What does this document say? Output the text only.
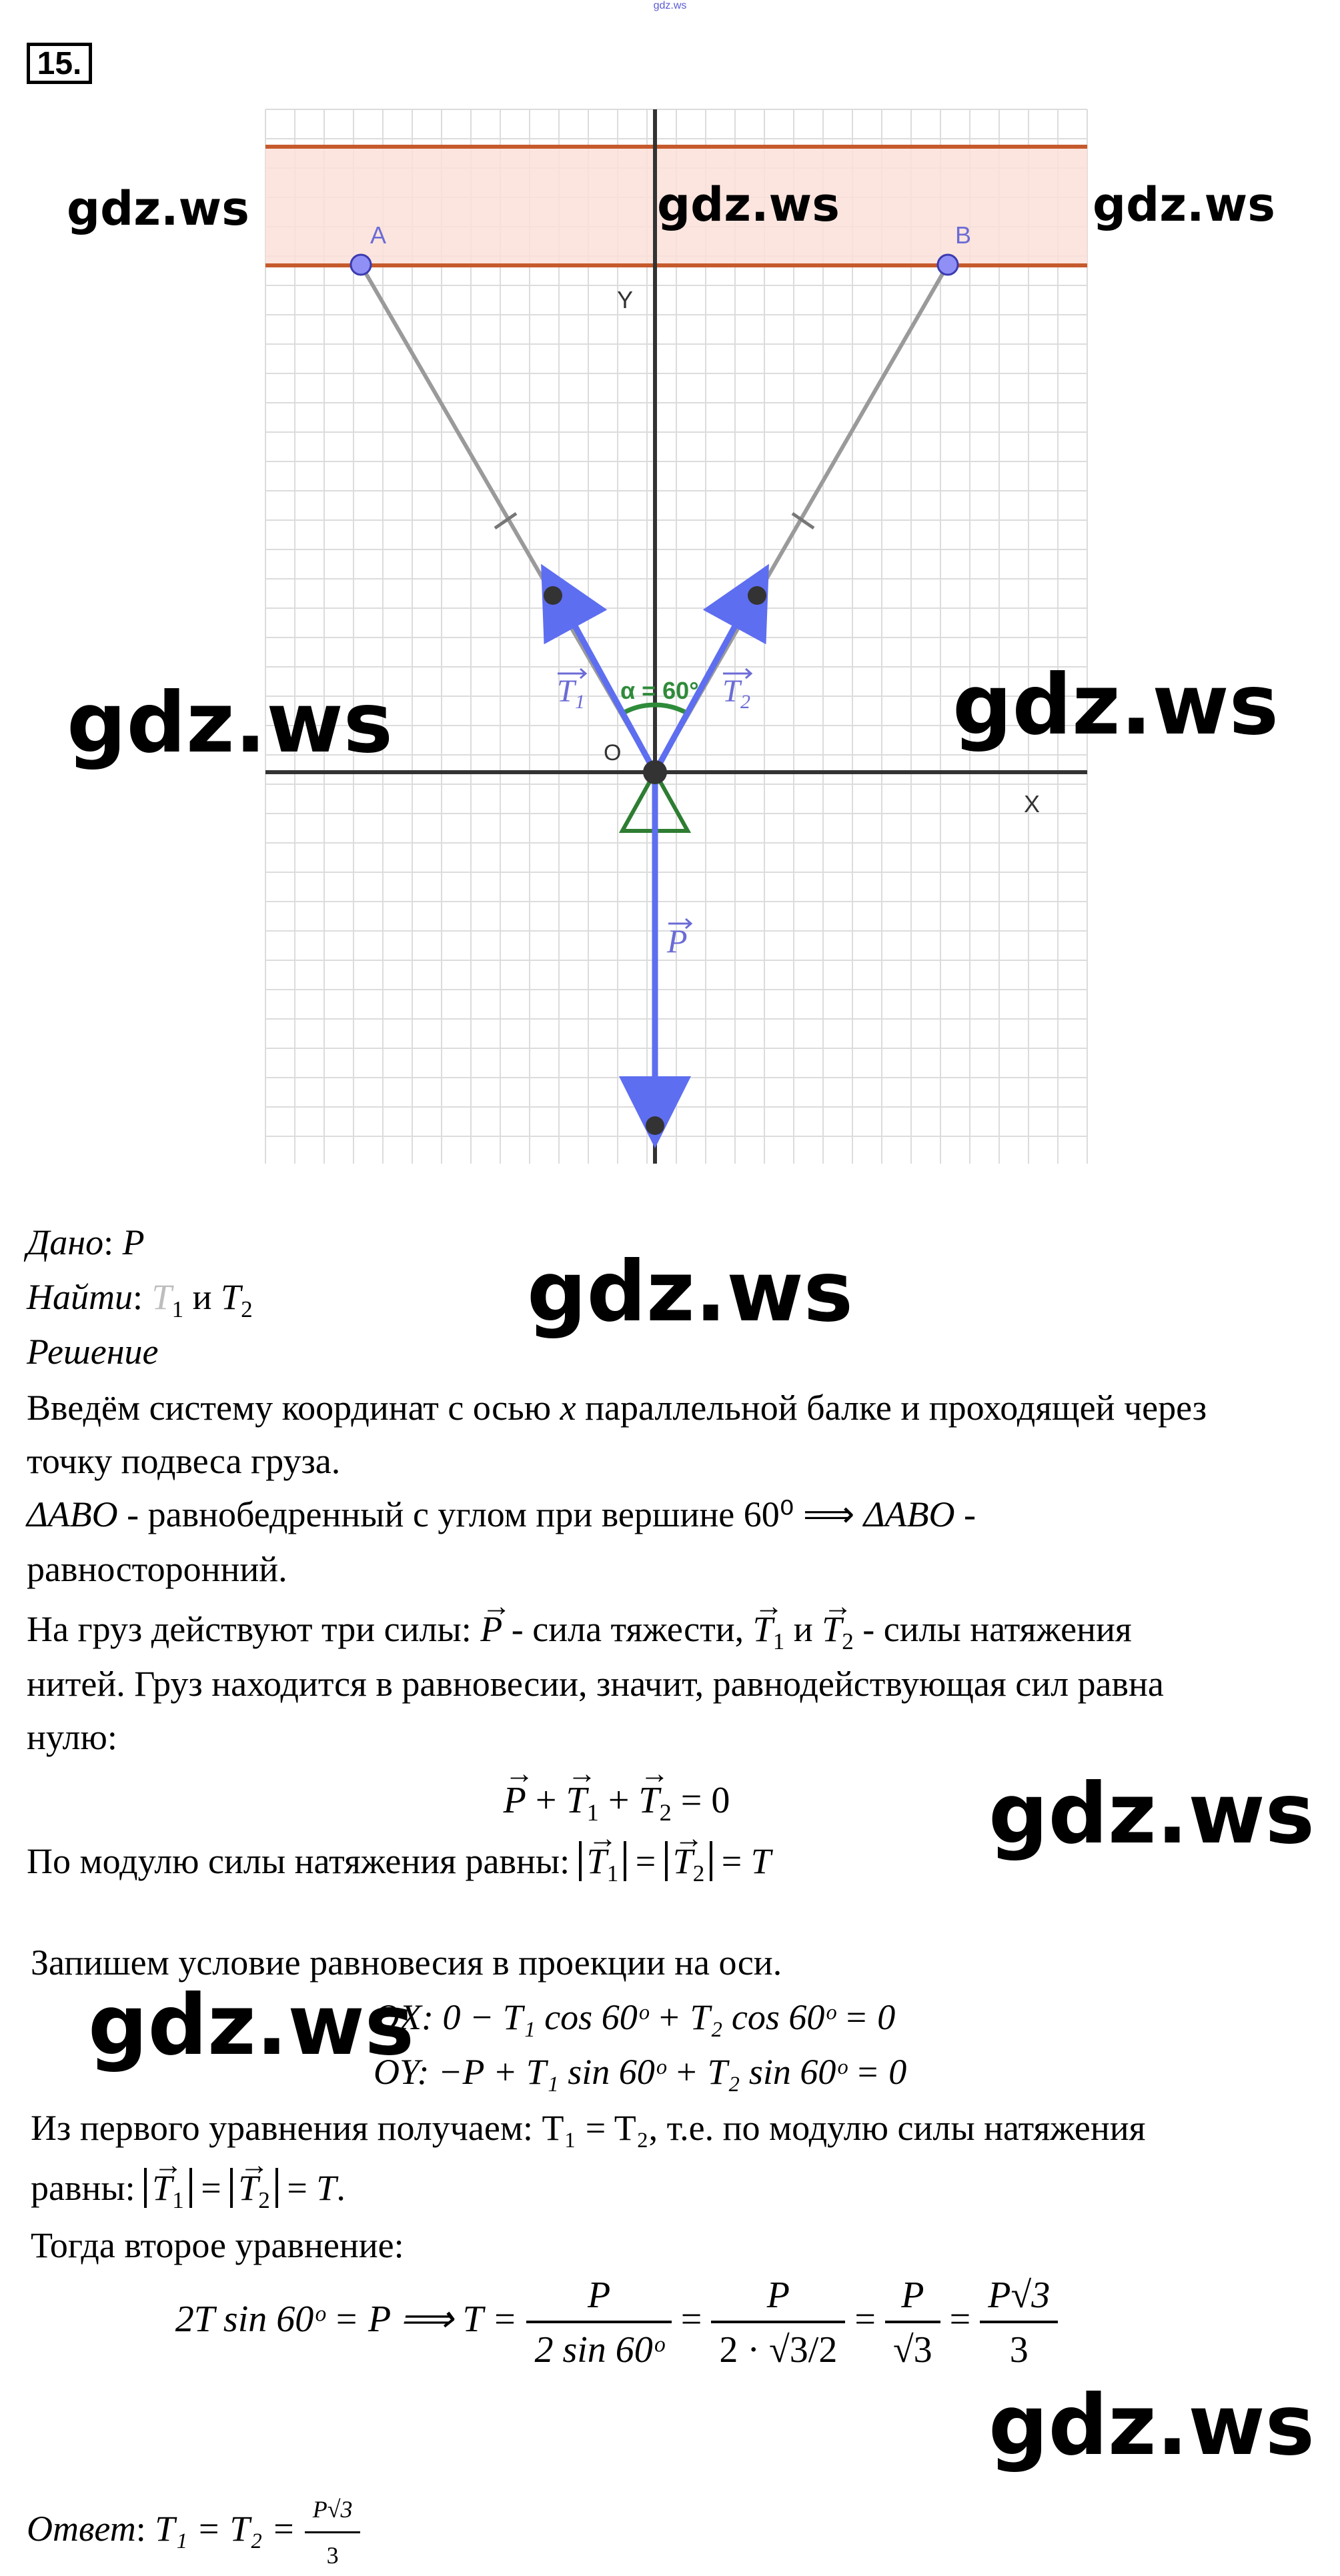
gdz.ws
15.
A	B
Y
X
O
α = 60°
T 1	T 2
P
gdz.ws	gdz.ws	gdz.ws
gdz.ws	gdz.ws
gdz.ws
gdz.ws
gdz.ws
gdz.ws
Дано: P
Найти: $T_1$ и $T_2$
Решение
Введём систему координат с осью x параллельной балке и проходящей через
точку подвеса груза.
ΔABO - равнобедренный с углом при вершине 60⁰ ⟹ ΔABO -
равносторонний.
На груз действуют три силы: → P - сила тяжести, → $T_1$ $и \to T_2$ - силы натяжения
нитей. Груз находится в равновесии, значит, равнодействующая сил равна
нулю:
→ P + → $T_1$ + → $T_2 = 0$
По модулю силы натяжения равны: → $T_1$ = → $T_2 = T$
Запишем условие равновесия в проекции на оси.
OX: 0 − T₁ cos 60ᵒ + T₂ cos 60ᵒ = 0
OY: −P + T₁ sin 60ᵒ + T₂ sin 60ᵒ = 0
Из первого уравнения получаем: T₁ = T₂, т.е. по модулю силы натяжения
равны: → $T_1$ = → $T_2 = T$.
Тогда второе уравнение:
2T sin 60ᵒ = P ⟹ $T = \frac{P}{\text{2 sin 60ᵒ}} = \frac{P}{2 \cdot √3/2} = \frac{P}{√3} = \frac{P√3}{3}$
Ответ: $T_1 = T_2 = \frac{P√3}{3}$
